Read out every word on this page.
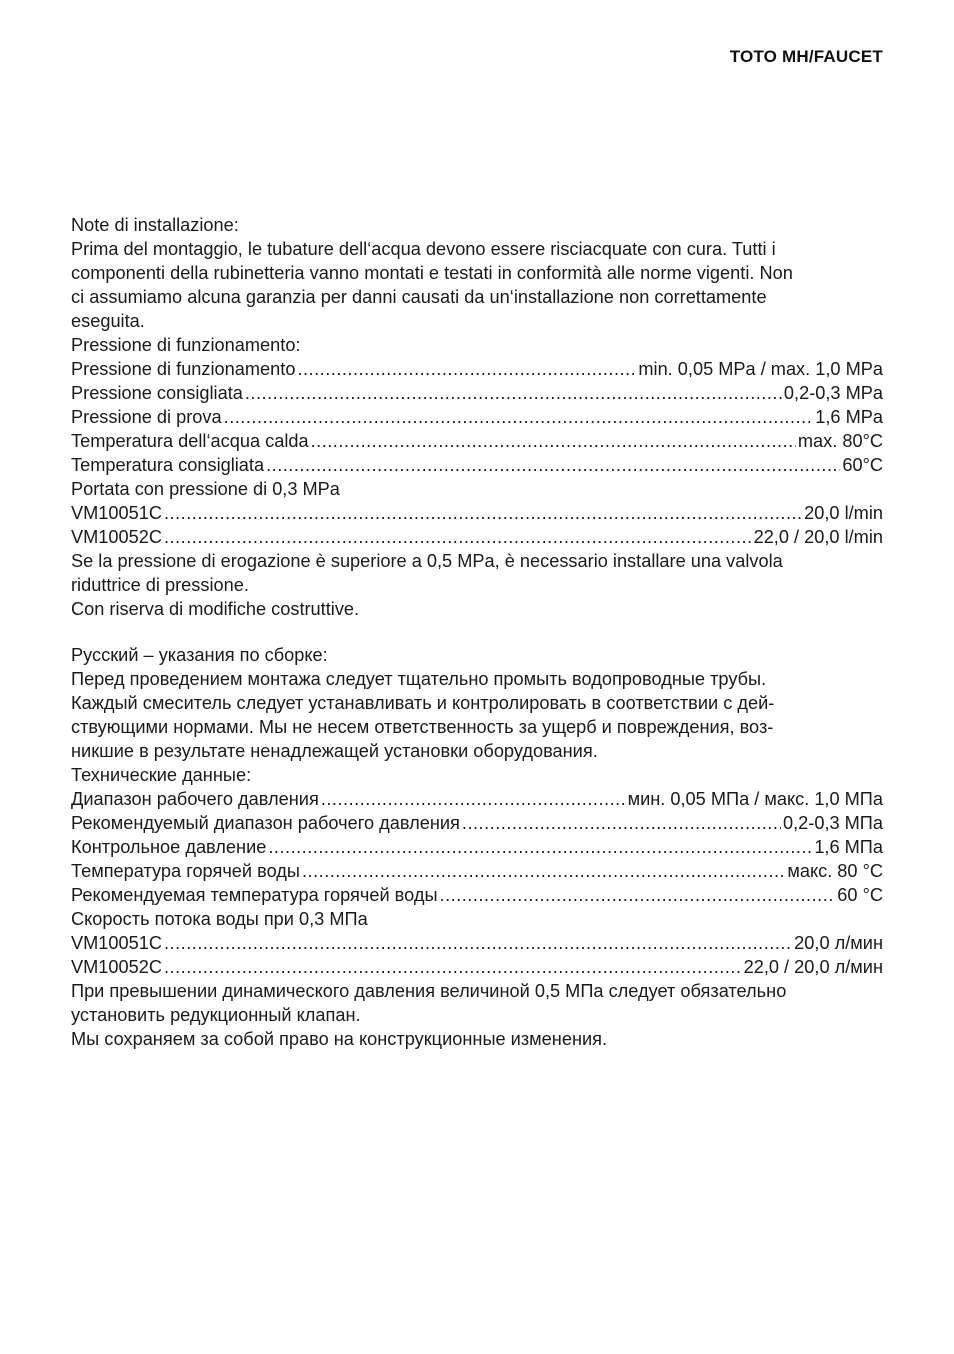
TOTO MH/FAUCET
Note di installazione:
Prima del montaggio, le tubature dell‘acqua devono essere risciacquate con cura. Tutti i
componenti della rubinetteria vanno montati e testati in conformità alle norme vigenti. Non
ci assumiamo alcuna garanzia per danni causati da un‘installazione non correttamente
eseguita.
Pressione di funzionamento:
Pressione di funzionamento .....	min. 0,05 MPa / max. 1,0 MPa
Pressione consigliata .....	0,2-0,3 MPa
Pressione di prova .....	1,6 MPa
Temperatura dell‘acqua calda .....	max. 80°C
Temperatura consigliata .....	60°C
Portata con pressione di 0,3 MPa
VM10051C .....	20,0 l/min
VM10052C .....	22,0 / 20,0 l/min
Se la pressione di erogazione è superiore a 0,5 MPa, è necessario installare una valvola
riduttrice di pressione.
Con riserva di modifiche costruttive.
Русский – указания по сборке:
Перед проведением монтажа следует тщательно промыть водопроводные трубы.
Каждый смеситель следует устанавливать и контролировать в соответствии с дей-
ствующими нормами. Мы не несем ответственность за ущерб и повреждения, воз-
никшие в результате ненадлежащей установки оборудования.
Технические данные:
Диапазон рабочего давления .....	мин. 0,05 МПа / макс. 1,0 МПа
Рекомендуемый диапазон рабочего давления .....	0,2-0,3 МПа
Контрольное давление .....	1,6 МПа
Температура горячей воды .....	макс. 80 °С
Рекомендуемая температура горячей воды .....	60 °С
Скорость потока воды при 0,3 МПа
VM10051C .....	20,0 л/мин
VM10052C .....	22,0 / 20,0 л/мин
При превышении динамического давления величиной 0,5 МПа следует обязательно
установить редукционный клапан.
Мы сохраняем за собой право на конструкционные изменения.
